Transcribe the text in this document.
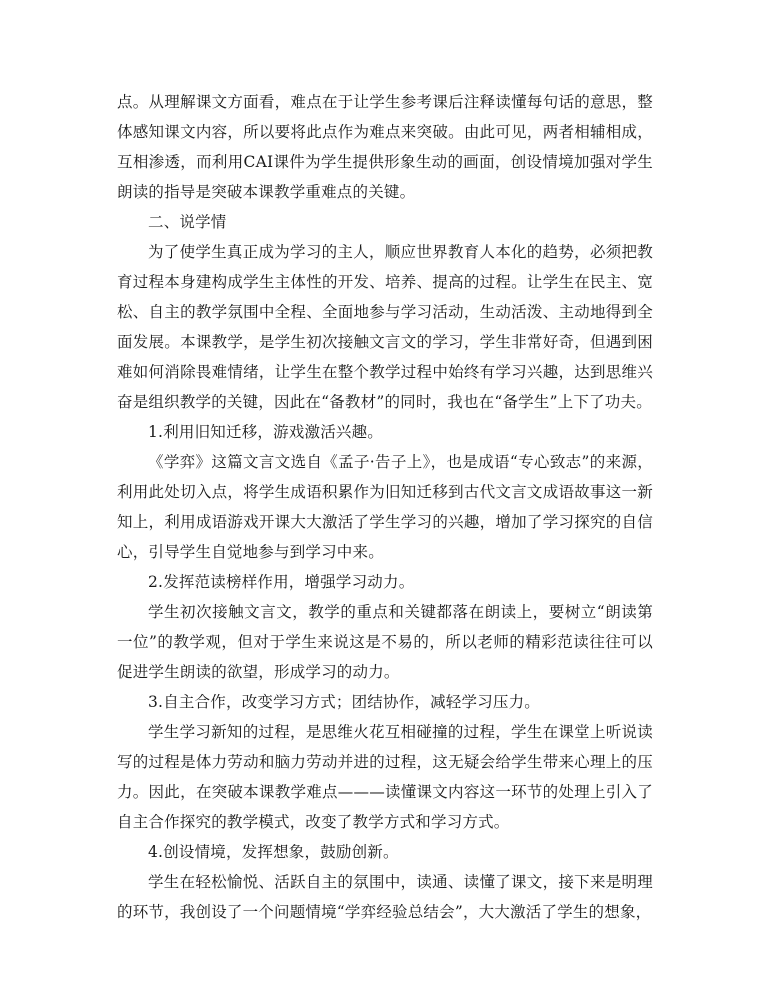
点。从理解课文方面看，难点在于让学生参考课后注释读懂每句话的意思，整体感知课文内容，所以要将此点作为难点来突破。由此可见，两者相辅相成，互相渗透，而利用CAI课件为学生提供形象生动的画面，创设情境加强对学生朗读的指导是突破本课教学重难点的关键。

二、说学情

为了使学生真正成为学习的主人，顺应世界教育人本化的趋势，必须把教育过程本身建构成学生主体性的开发、培养、提高的过程。让学生在民主、宽松、自主的教学氛围中全程、全面地参与学习活动，生动活泼、主动地得到全面发展。本课教学，是学生初次接触文言文的学习，学生非常好奇，但遇到困难如何消除畏难情绪，让学生在整个教学过程中始终有学习兴趣，达到思维兴奋是组织教学的关键，因此在“备教材”的同时，我也在“备学生”上下了功夫。

1.利用旧知迁移，游戏激活兴趣。

《学弈》这篇文言文选自《孟子·告子上》，也是成语“专心致志”的来源，利用此处切入点，将学生成语积累作为旧知迁移到古代文言文成语故事这一新知上，利用成语游戏开课大大激活了学生学习的兴趣，增加了学习探究的自信心，引导学生自觉地参与到学习中来。

2.发挥范读榜样作用，增强学习动力。

学生初次接触文言文，教学的重点和关键都落在朗读上，要树立“朗读第一位”的教学观，但对于学生来说这是不易的，所以老师的精彩范读往往可以促进学生朗读的欲望，形成学习的动力。

3.自主合作，改变学习方式；团结协作，减轻学习压力。

学生学习新知的过程，是思维火花互相碰撞的过程，学生在课堂上听说读写的过程是体力劳动和脑力劳动并进的过程，这无疑会给学生带来心理上的压力。因此，在突破本课教学难点———读懂课文内容这一环节的处理上引入了自主合作探究的教学模式，改变了教学方式和学习方式。

4.创设情境，发挥想象，鼓励创新。

学生在轻松愉悦、活跃自主的氛围中，读通、读懂了课文，接下来是明理的环节，我创设了一个问题情境“学弈经验总结会”，大大激活了学生的想象，
